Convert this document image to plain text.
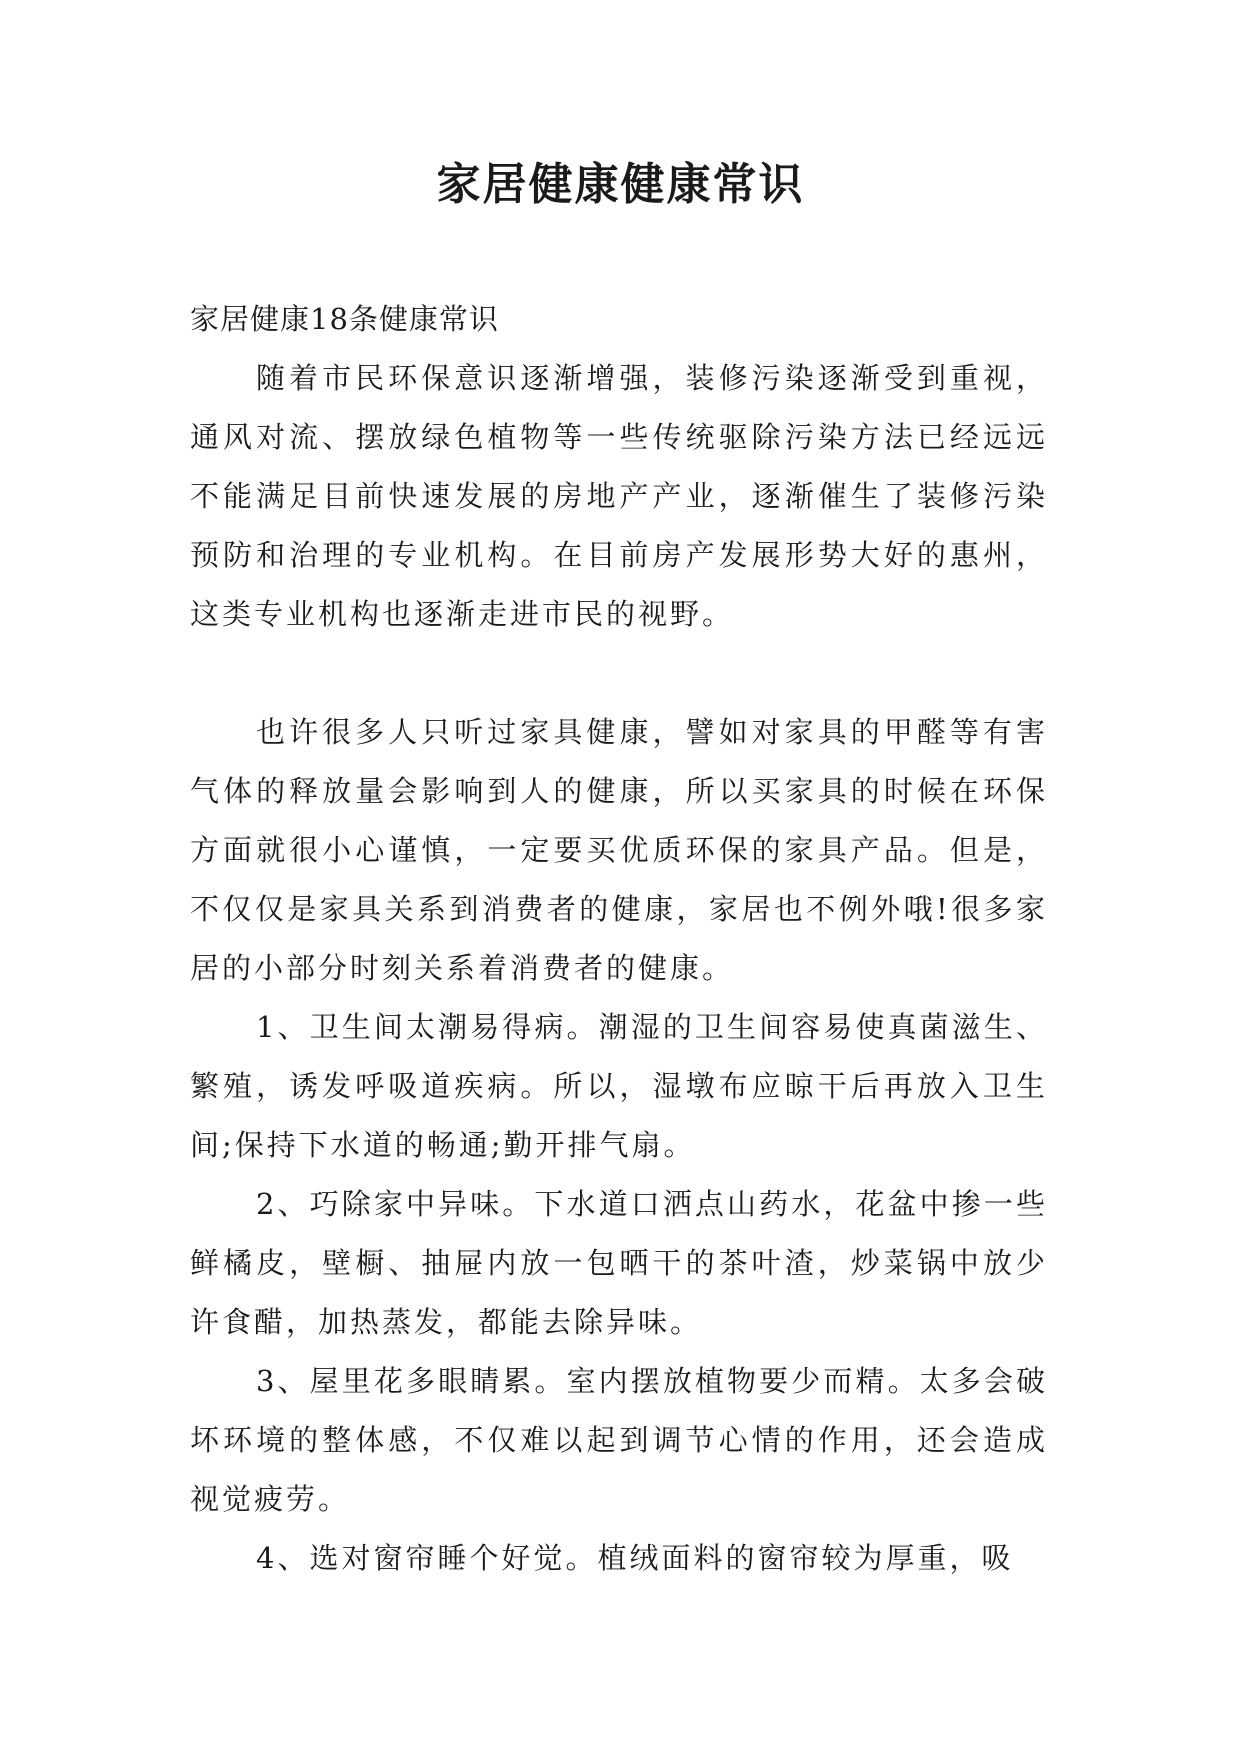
家居健康健康常识

家居健康18条健康常识

随着市民环保意识逐渐增强，装修污染逐渐受到重视，通风对流、摆放绿色植物等一些传统驱除污染方法已经远远不能满足目前快速发展的房地产产业，逐渐催生了装修污染预防和治理的专业机构。在目前房产发展形势大好的惠州，这类专业机构也逐渐走进市民的视野。

也许很多人只听过家具健康，譬如对家具的甲醛等有害气体的释放量会影响到人的健康，所以买家具的时候在环保方面就很小心谨慎，一定要买优质环保的家具产品。但是，不仅仅是家具关系到消费者的健康，家居也不例外哦!很多家居的小部分时刻关系着消费者的健康。

1、卫生间太潮易得病。潮湿的卫生间容易使真菌滋生、繁殖，诱发呼吸道疾病。所以，湿墩布应晾干后再放入卫生间;保持下水道的畅通;勤开排气扇。

2、巧除家中异味。下水道口洒点山药水，花盆中掺一些鲜橘皮，壁橱、抽屉内放一包晒干的茶叶渣，炒菜锅中放少许食醋，加热蒸发，都能去除异味。

3、屋里花多眼睛累。室内摆放植物要少而精。太多会破坏环境的整体感，不仅难以起到调节心情的作用，还会造成视觉疲劳。

4、选对窗帘睡个好觉。植绒面料的窗帘较为厚重，吸
